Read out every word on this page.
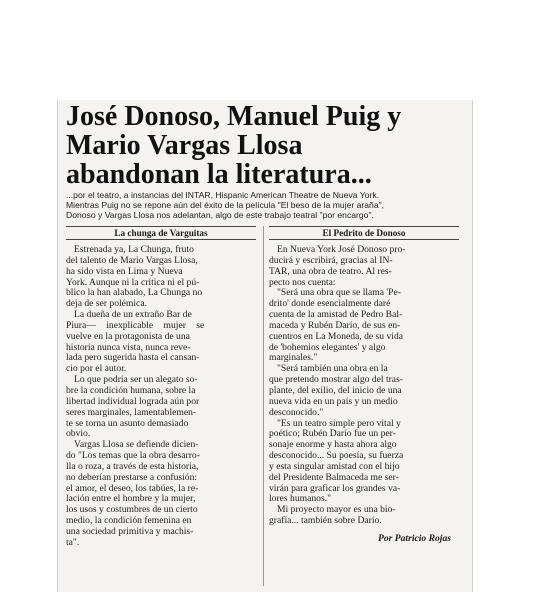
José Donoso, Manuel Puig y
Mario Vargas Llosa
abandonan la literatura...
...por el teatro, a instancias del INTAR, Hispanic American Theatre de Nueva York.
Mientras Puig no se repone aún del éxito de la película "El beso de la mujer araña",
Donoso y Vargas Llosa nos adelantan, algo de este trabajo teatral "por encargo".
La chunga de Varguitas
Estrenada ya, La Chunga, fruto
del talento de Mario Vargas Llosa,
ha sido vista en Lima y Nueva
York. Aunque ni la crítica ni el pú-
blico la han alabado, La Chunga no
deja de ser polémica.
La dueña de un extraño Bar de
Piura— inexplicable mujer se
vuelve en la protagonista de una
historia nunca vista, nunca reve-
lada pero sugerida hasta el cansan-
cio por el autor.
Lo que podría ser un alegato so-
bre la condición humana, sobre la
libertad individual lograda aún por
seres marginales, lamentablemen-
te se torna un asunto demasiado
obvio.
Vargas Llosa se defiende dicien-
do "Los temas que la obra desarro-
lla o roza, a través de esta historia,
no deberían prestarse a confusión:
el amor, el deseo, los tabúes, la re-
lación entre el hombre y la mujer,
los usos y costumbres de un cierto
medio, la condición femenina en
una sociedad primitiva y machis-
ta".
El Pedrito de Donoso
En Nueva York José Donoso pro-
ducirá y escribirá, gracias al IN-
TAR, una obra de teatro. Al res-
pecto nos cuenta:
"Será una obra que se llama 'Pe-
drito' donde esencialmente daré
cuenta de la amistad de Pedro Bal-
maceda y Rubén Darío, de sus en-
cuentros en La Moneda, de su vida
de 'bohemios elegantes' y algo
marginales."
"Será también una obra en la
que pretendo mostrar algo del tras-
plante, del exilio, del inicio de una
nueva vida en un país y un medio
desconocido."
"Es un teatro simple pero vital y
poético; Rubén Darío fue un per-
sonaje enorme y hasta ahora algo
desconocido... Su poesía, su fuerza
y esta singular amistad con el hijo
del Presidente Balmaceda me ser-
virán para graficar los grandes va-
lores humanos."
Mi proyecto mayor es una bio-
grafía... también sobre Darío.
Por Patricio Rojas
